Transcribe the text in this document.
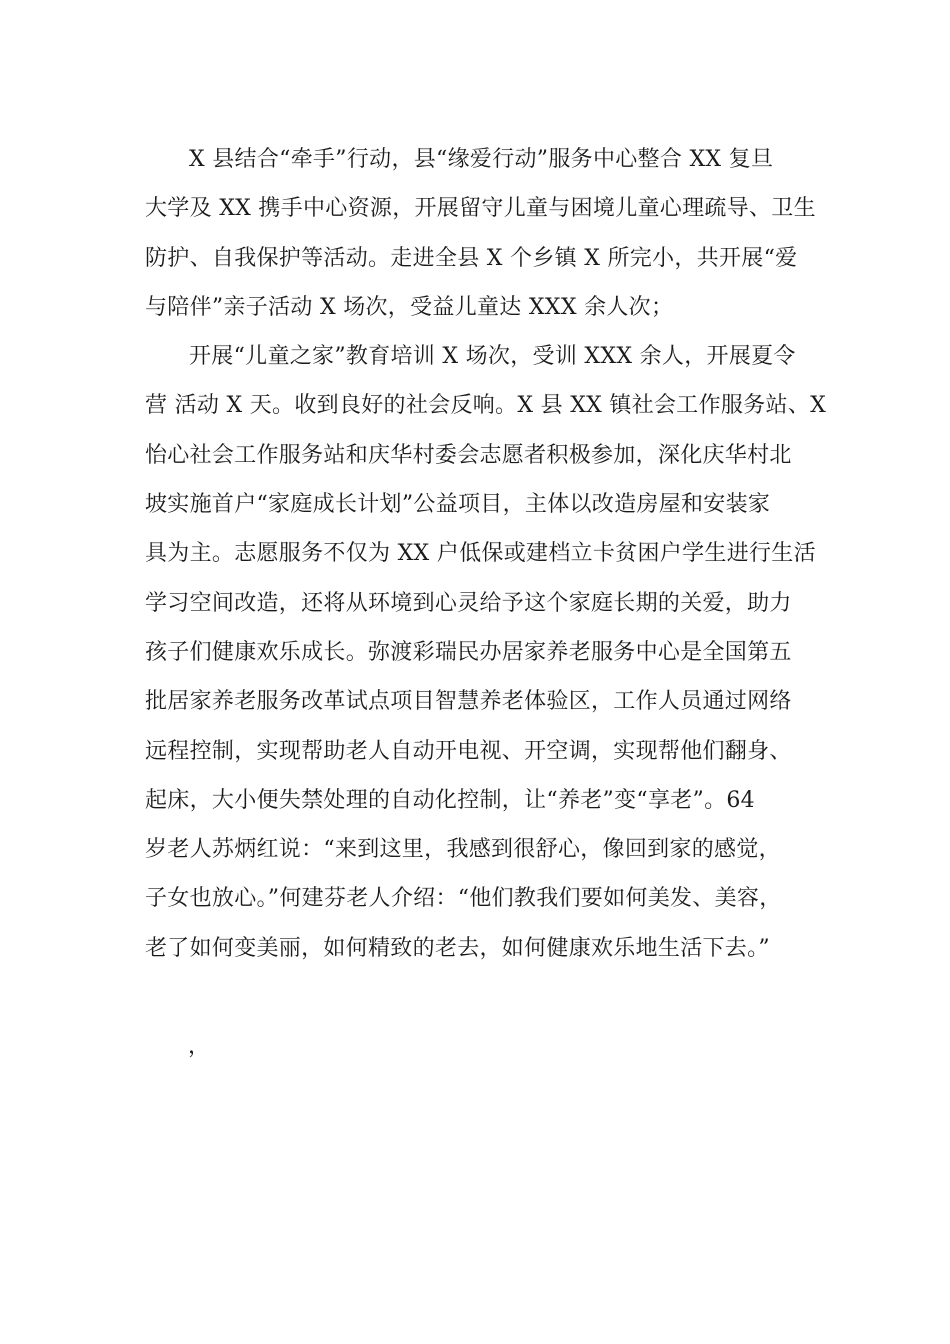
X 县结合“牵手”行动，县“缘爱行动”服务中心整合 XX 复旦
大学及 XX 携手中心资源，开展留守儿童与困境儿童心理疏导、卫生
防护、自我保护等活动。走进全县 X 个乡镇 X 所完小，共开展“爱
与陪伴”亲子活动 X 场次，受益儿童达 XXX 余人次；
开展“儿童之家”教育培训 X 场次，受训 XXX 余人，开展夏令
营 活动 X 天。收到良好的社会反响。X 县 XX 镇社会工作服务站、X
怡心社会工作服务站和庆华村委会志愿者积极参加，深化庆华村北
坡实施首户“家庭成长计划”公益项目，主体以改造房屋和安装家
具为主。志愿服务不仅为 XX 户低保或建档立卡贫困户学生进行生活
学习空间改造，还将从环境到心灵给予这个家庭长期的关爱，助力
孩子们健康欢乐成长。弥渡彩瑞民办居家养老服务中心是全国第五
批居家养老服务改革试点项目智慧养老体验区，工作人员通过网络
远程控制，实现帮助老人自动开电视、开空调，实现帮他们翻身、
起床，大小便失禁处理的自动化控制，让“养老”变“享老”。64
岁老人苏炳红说：“来到这里，我感到很舒心，像回到家的感觉，
子女也放心。”何建芬老人介绍：“他们教我们要如何美发、美容，
老了如何变美丽，如何精致的老去，如何健康欢乐地生活下去。”
，
